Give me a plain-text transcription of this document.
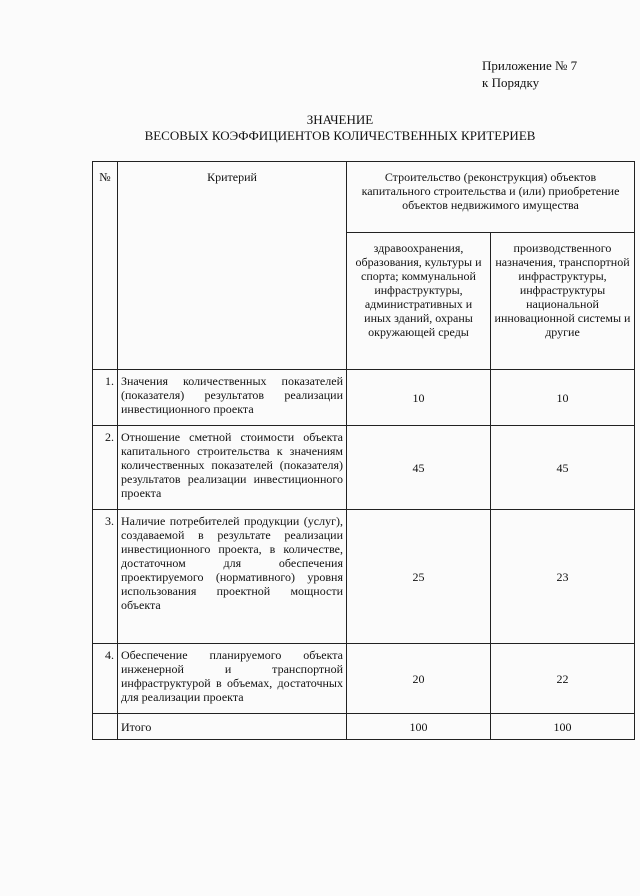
Приложение № 7
к Порядку
ЗНАЧЕНИЕ
ВЕСОВЫХ КОЭФФИЦИЕНТОВ КОЛИЧЕСТВЕННЫХ КРИТЕРИЕВ
№	Критерий	Строительство (реконструкция) объектов капитального строительства и (или) приобретение объектов недвижимого имущества	
		здравоохранения, образования, культуры и спорта; коммунальной инфраструктуры, административных и иных зданий, охраны окружающей среды	производственного назначения, транспортной инфраструктуры, инфраструктуры национальной инновационной системы и другие
1.	Значения количественных показателей (показателя) результатов реализации инвестиционного проекта	10	10
2.	Отношение сметной стоимости объекта капитального строительства к значениям количественных показателей (показателя) результатов реализации инвестиционного проекта	45	45
3.	Наличие потребителей продукции (услуг), создаваемой в результате реализации инвестиционного проекта, в количестве, достаточном для обеспечения проектируемого (нормативного) уровня использования проектной мощности объекта	25	23
4.	Обеспечение планируемого объекта инженерной и транспортной инфраструктурой в объемах, достаточных для реализации проекта	20	22
	Итого	100	100
